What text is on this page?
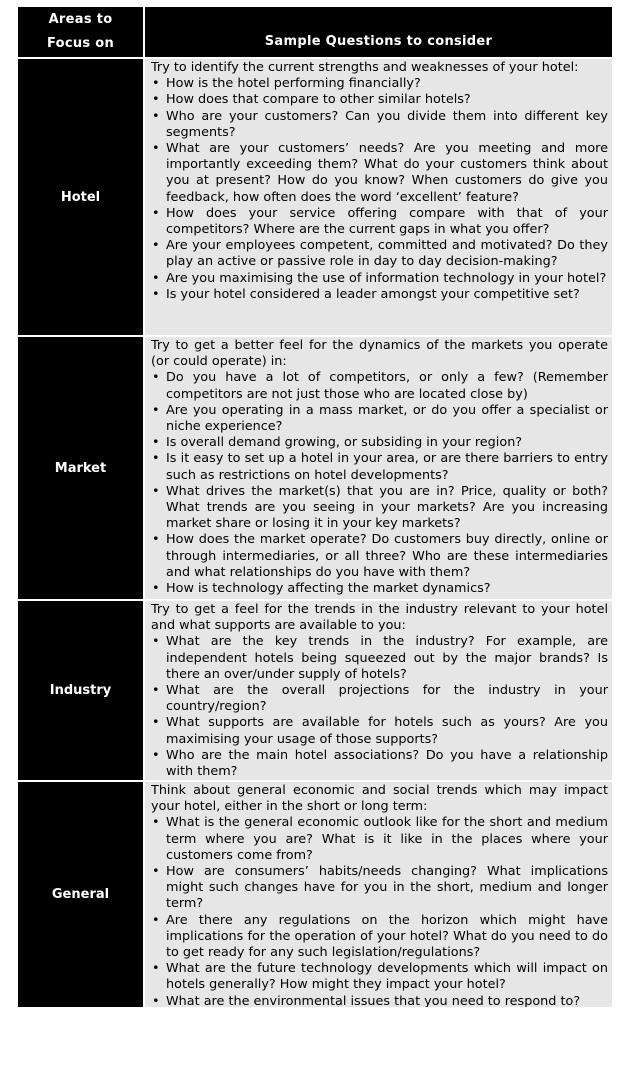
Areas to
Focus on	Sample Questions to consider
Hotel

Try to identify the current strengths and weaknesses of your hotel:

• How is the hotel performing financially?
• How does that compare to other similar hotels?
• Who are your customers? Can you divide them into different key segments?
• What are your customers’ needs? Are you meeting and more importantly exceeding them? What do your customers think about you at present? How do you know? When customers do give you feedback, how often does the word ‘excellent’ feature?
• How does your service offering compare with that of your competitors? Where are the current gaps in what you offer?
• Are your employees competent, committed and motivated? Do they play an active or passive role in day to day decision-making?
• Are you maximising the use of information technology in your hotel?
• Is your hotel considered a leader amongst your competitive set?
Market

Try to get a better feel for the dynamics of the markets you operate (or could operate) in:

• Do you have a lot of competitors, or only a few? (Remember competitors are not just those who are located close by)
• Are you operating in a mass market, or do you offer a specialist or niche experience?
• Is overall demand growing, or subsiding in your region?
• Is it easy to set up a hotel in your area, or are there barriers to entry such as restrictions on hotel developments?
• What drives the market(s) that you are in? Price, quality or both? What trends are you seeing in your markets? Are you increasing market share or losing it in your key markets?
• How does the market operate? Do customers buy directly, online or through intermediaries, or all three? Who are these intermediaries and what relationships do you have with them?
• How is technology affecting the market dynamics?
Industry

Try to get a feel for the trends in the industry relevant to your hotel and what supports are available to you:

• What are the key trends in the industry? For example, are independent hotels being squeezed out by the major brands? Is there an over/under supply of hotels?
• What are the overall projections for the industry in your country/region?
• What supports are available for hotels such as yours? Are you maximising your usage of those supports?
• Who are the main hotel associations? Do you have a relationship with them?
General

Think about general economic and social trends which may impact your hotel, either in the short or long term:

• What is the general economic outlook like for the short and medium term where you are? What is it like in the places where your customers come from?
• How are consumers’ habits/needs changing? What implications might such changes have for you in the short, medium and longer term?
• Are there any regulations on the horizon which might have implications for the operation of your hotel? What do you need to do to get ready for any such legislation/regulations?
• What are the future technology developments which will impact on hotels generally? How might they impact your hotel?
• What are the environmental issues that you need to respond to?
